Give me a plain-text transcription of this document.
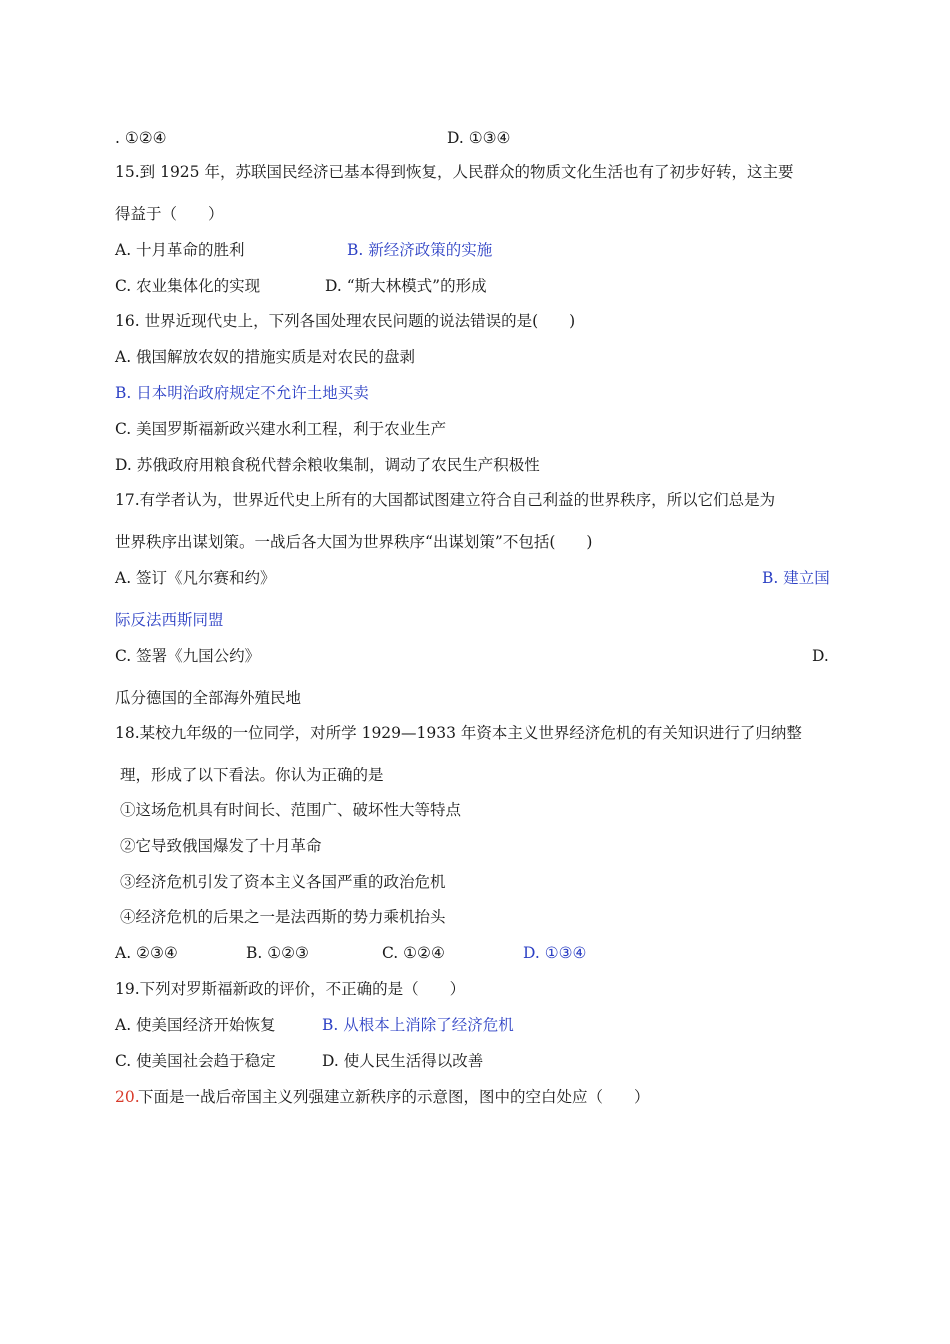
. ①②④	D. ①③④
15.到 1925 年，苏联国民经济已基本得到恢复，人民群众的物质文化生活也有了初步好转，这主要
得益于（　　）
A. 十月革命的胜利	B. 新经济政策的实施
C. 农业集体化的实现	D. “斯大林模式”的形成
16. 世界近现代史上，下列各国处理农民问题的说法错误的是(　　)
A. 俄国解放农奴的措施实质是对农民的盘剥
B. 日本明治政府规定不允许土地买卖
C. 美国罗斯福新政兴建水利工程，利于农业生产
D. 苏俄政府用粮食税代替余粮收集制，调动了农民生产积极性
17.有学者认为，世界近代史上所有的大国都试图建立符合自己利益的世界秩序，所以它们总是为
世界秩序出谋划策。一战后各大国为世界秩序“出谋划策”不包括(　　)
A. 签订《凡尔赛和约》	B. 建立国
际反法西斯同盟
C. 签署《九国公约》	D.
瓜分德国的全部海外殖民地
18.某校九年级的一位同学，对所学 1929—1933 年资本主义世界经济危机的有关知识进行了归纳整
理，形成了以下看法。你认为正确的是
①这场危机具有时间长、范围广、破坏性大等特点
②它导致俄国爆发了十月革命
③经济危机引发了资本主义各国严重的政治危机
④经济危机的后果之一是法西斯的势力乘机抬头
A. ②③④	B. ①②③	C. ①②④	D. ①③④
19.下列对罗斯福新政的评价，不正确的是（　　）
A. 使美国经济开始恢复	B. 从根本上消除了经济危机
C. 使美国社会趋于稳定	D. 使人民生活得以改善
20.
下面是一战后帝国主义列强建立新秩序的示意图，图中的空白处应（　　）
